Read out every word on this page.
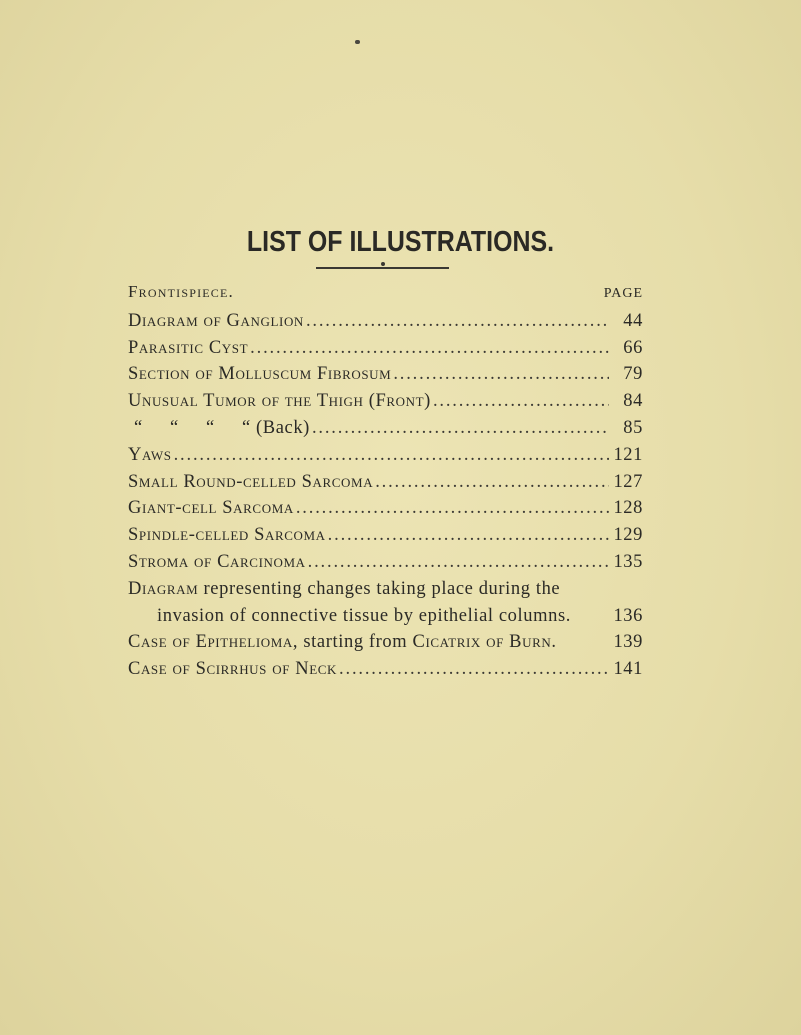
LIST OF ILLUSTRATIONS.
Frontispiece.	PAGE
Diagram of Ganglion . . .	44
Parasitic Cyst . . .	66
Section of Molluscum Fibrosum . . .	79
Unusual Tumor of the Thigh (Front) . . .	84
“ “ “ “ (Back) . . .	85
Yaws . . .	121
Small Round-celled Sarcoma . . .	127
Giant-cell Sarcoma . . .	128
Spindle-celled Sarcoma . . .	129
Stroma of Carcinoma . . .	135
Diagram representing changes taking place during the
invasion of connective tissue by epithelial columns. 136
Case of Epithelioma, starting from Cicatrix of Burn.	139
Case of Scirrhus of Neck . . .	141
